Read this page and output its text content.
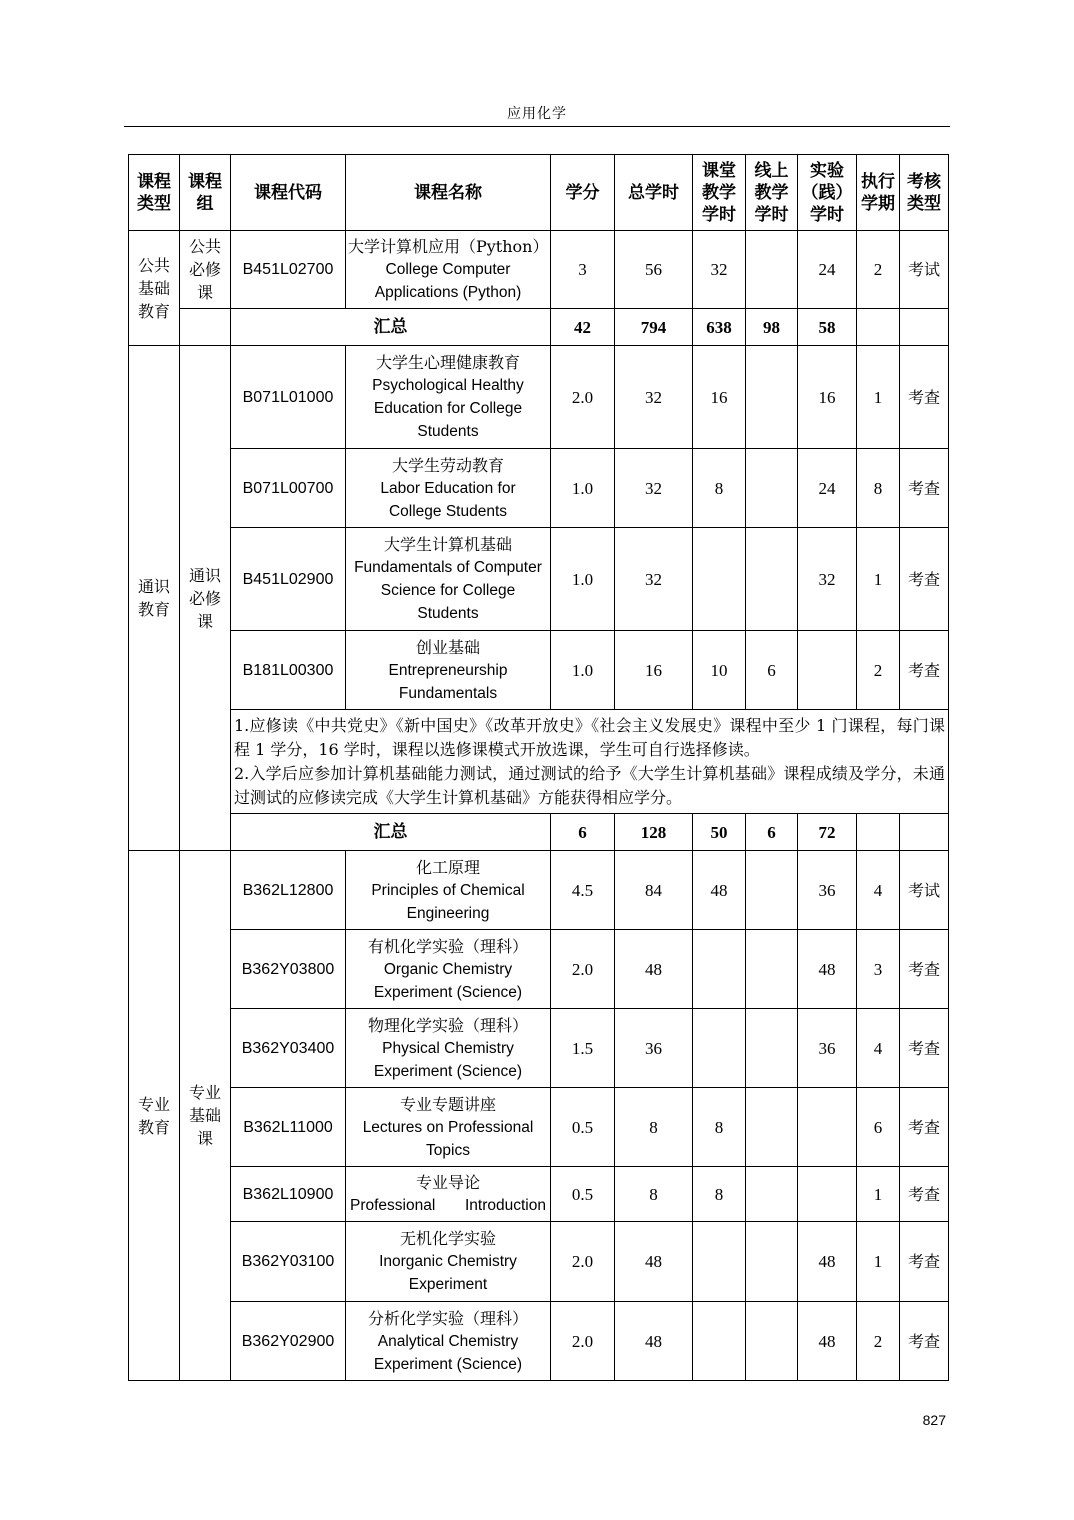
应用化学
课程
类型	课程
组	课程代码	课程名称	学分	总学时	课堂
教学
学时	线上
教学
学时	实验
（践）
学时	执行
学期	考核
类型
公共
基础
教育	公共
必修
课	B451L02700	大学计算机应用（Python）
College Computer
Applications (Python)	3	56	32		24	2	考试
		汇总		42	794	638	98	58		
通识
教育	通识
必修
课	B071L01000	大学生心理健康教育
Psychological Healthy
Education for College
Students	2.0	32	16		16	1	考查
		B071L00700	大学生劳动教育
Labor Education for
College Students	1.0	32	8		24	8	考查
		B451L02900	大学生计算机基础
Fundamentals of Computer
Science for College
Students	1.0	32			32	1	考查
		B181L00300	创业基础
Entrepreneurship
Fundamentals	1.0	16	10	6		2	考查

		1.应修读《中共党史》《新中国史》《改革开放史》《社会主义发展史》课程中至少 1 门课程，每门课程 1 学分，16 学时，课程以选修课模式开放选课，学生可自行选择修读。

2.入学后应参加计算机基础能力测试，通过测试的给予《大学生计算机基础》课程成绩及学分，未通过测试的应修读完成《大学生计算机基础》方能获得相应学分。								

		汇总		6	128	50	6	72		
专业
教育	专业
基础
课	B362L12800	化工原理
Principles of Chemical
Engineering	4.5	84	48		36	4	考试
		B362Y03800	有机化学实验（理科）
Organic Chemistry
Experiment (Science)	2.0	48			48	3	考查
		B362Y03400	物理化学实验（理科）
Physical Chemistry
Experiment (Science)	1.5	36			36	4	考查
		B362L11000	专业专题讲座
Lectures on Professional
Topics	0.5	8	8			6	考查
		B362L10900	专业导论
Professional Introduction	0.5	8	8			1	考查
		B362Y03100	无机化学实验
Inorganic Chemistry
Experiment	2.0	48			48	1	考查
		B362Y02900	分析化学实验（理科）
Analytical Chemistry
Experiment (Science)	2.0	48			48	2	考查
827
